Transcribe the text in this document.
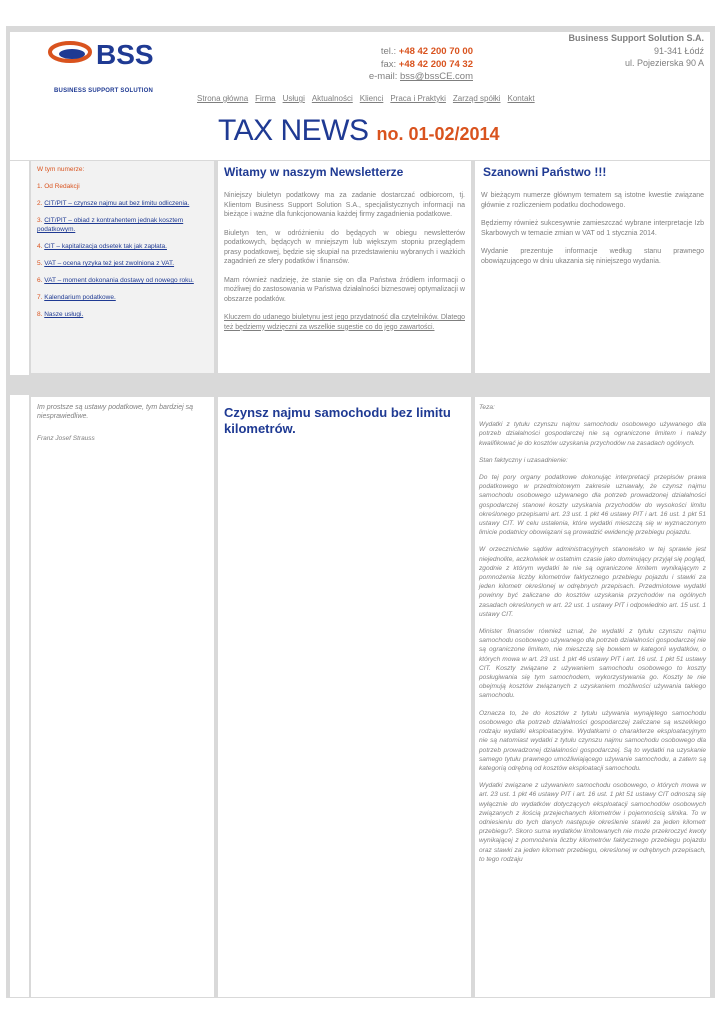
BSS
BUSINESS SUPPORT SOLUTION
tel.: +48 42 200 70 00
fax: +48 42 200 74 32
e-mail: bss@bssCE.com
Business Support Solution S.A.
91-341 Łódź
ul. Pojezierska 90 A
Strona główna Firma Usługi Aktualności Klienci Praca i Praktyki Zarząd spółki Kontakt
TAX NEWS no. 01-02/2014
W tym numerze:
1. Od Redakcji
2. CIT/PIT – czynsze najmu aut bez limitu odliczenia.
3. CIT/PIT – obiad z kontrahentem jednak kosztem podatkowym.
4. CIT – kapitalizacja odsetek tak jak zapłata.
5. VAT – ocena ryzyka też jest zwolniona z VAT.
6. VAT – moment dokonania dostawy od nowego roku.
7. Kalendarium podatkowe.
8. Nasze usługi.
Witamy w naszym Newsletterze

Niniejszy biuletyn podatkowy ma za zadanie dostarczać odbiorcom, tj. Klientom Business Support Solution S.A., specjalistycznych informacji na bieżące i ważne dla funkcjonowania każdej firmy zagadnienia podatkowe.

Biuletyn ten, w odróżnieniu do będących w obiegu newsletterów podatkowych, będących w mniejszym lub większym stopniu przeglądem prasy podatkowej, będzie się skupiał na przedstawieniu wybranych i ważkich zagadnień ze sfery podatków i finansów.

Mam również nadzieję, że stanie się on dla Państwa źródłem informacji o możliwej do zastosowania w Państwa działalności biznesowej optymalizacji w obszarze podatków.

Kluczem do udanego biuletynu jest jego przydatność dla czytelników. Dlatego też będziemy wdzięczni za wszelkie sugestie co do jego zawartości.

Szanowni Państwo !!!

W bieżącym numerze głównym tematem są istotne kwestie związane głównie z rozliczeniem podatku dochodowego.

Będziemy również sukcesywnie zamieszczać wybrane interpretacje Izb Skarbowych w temacie zmian w VAT od 1 stycznia 2014.

Wydanie prezentuje informacje według stanu prawnego obowiązującego w dniu ukazania się niniejszego wydania.

Im prostsze są ustawy podatkowe, tym bardziej są niesprawiedliwe.
Franz Josef Strauss
Czynsz najmu samochodu bez limitu kilometrów.

Teza:

Wydatki z tytułu czynszu najmu samochodu osobowego używanego dla potrzeb działalności gospodarczej nie są ograniczone limitem i należy kwalifikować je do kosztów uzyskania przychodów na zasadach ogólnych.

Stan faktyczny i uzasadnienie:

Do tej pory organy podatkowe dokonując interpretacji przepisów prawa podatkowego w przedmiotowym zakresie uznawały, że czynsz najmu samochodu osobowego używanego dla potrzeb prowadzonej działalności gospodarczej stanowi koszty uzyskania przychodów do wysokości limitu określonego przepisami art. 23 ust. 1 pkt 46 ustawy PIT i art. 16 ust. 1 pkt 51 ustawy CIT. W celu ustalenia, które wydatki mieszczą się w wyznaczonym limicie podatnicy obowiązani są prowadzić ewidencję przebiegu pojazdu.

W orzecznictwie sądów administracyjnych stanowisko w tej sprawie jest niejednolite, aczkolwiek w ostatnim czasie jako dominujący przyjął się pogląd, zgodnie z którym wydatki te nie są ograniczone limitem wynikającym z pomnożenia liczby kilometrów faktycznego przebiegu pojazdu i stawki za jeden kilometr określonej w odrębnych przepisach. Przedmiotowe wydatki powinny być zaliczane do kosztów uzyskania przychodów na ogólnych zasadach określonych w art. 22 ust. 1 ustawy PIT i odpowiednio art. 15 ust. 1 ustawy CIT.

Minister finansów również uznał, że wydatki z tytułu czynszu najmu samochodu osobowego używanego dla potrzeb działalności gospodarczej nie są ograniczone limitem, nie mieszczą się bowiem w kategorii wydatków, o których mowa w art. 23 ust. 1 pkt 46 ustawy PIT i art. 16 ust. 1 pkt 51 ustawy CIT. Koszty związane z używaniem samochodu osobowego to koszty posługiwania się tym samochodem, wykorzystywania go. Koszty te nie obejmują kosztów związanych z uzyskaniem możliwości używania takiego samochodu.

Oznacza to, że do kosztów z tytułu używania wynajętego samochodu osobowego dla potrzeb działalności gospodarczej zaliczane są wszelkiego rodzaju wydatki eksploatacyjne. Wydatkami o charakterze eksploatacyjnym nie są natomiast wydatki z tytułu czynszu najmu samochodu osobowego dla potrzeb prowadzonej działalności gospodarczej. Są to wydatki na uzyskanie samego tytułu prawnego umożliwiającego używanie samochodu, a zatem są kategorią odrębną od kosztów eksploatacji samochodu.

Wydatki związane z używaniem samochodu osobowego, o których mowa w art. 23 ust. 1 pkt 46 ustawy PIT i art. 16 ust. 1 pkt 51 ustawy CIT odnoszą się wyłącznie do wydatków dotyczących eksploatacji samochodów osobowych związanych z ilością przejechanych kilometrów i pojemnością silnika. To w odniesieniu do tych danych następuje określenie stawki za jeden kilometr przebiegu?. Skoro suma wydatków limitowanych nie może przekroczyć kwoty wynikającej z pomnożenia liczby kilometrów faktycznego przebiegu pojazdu oraz stawki za jeden kilometr przebiegu, określonej w odrębnych przepisach, to tego rodzaju
